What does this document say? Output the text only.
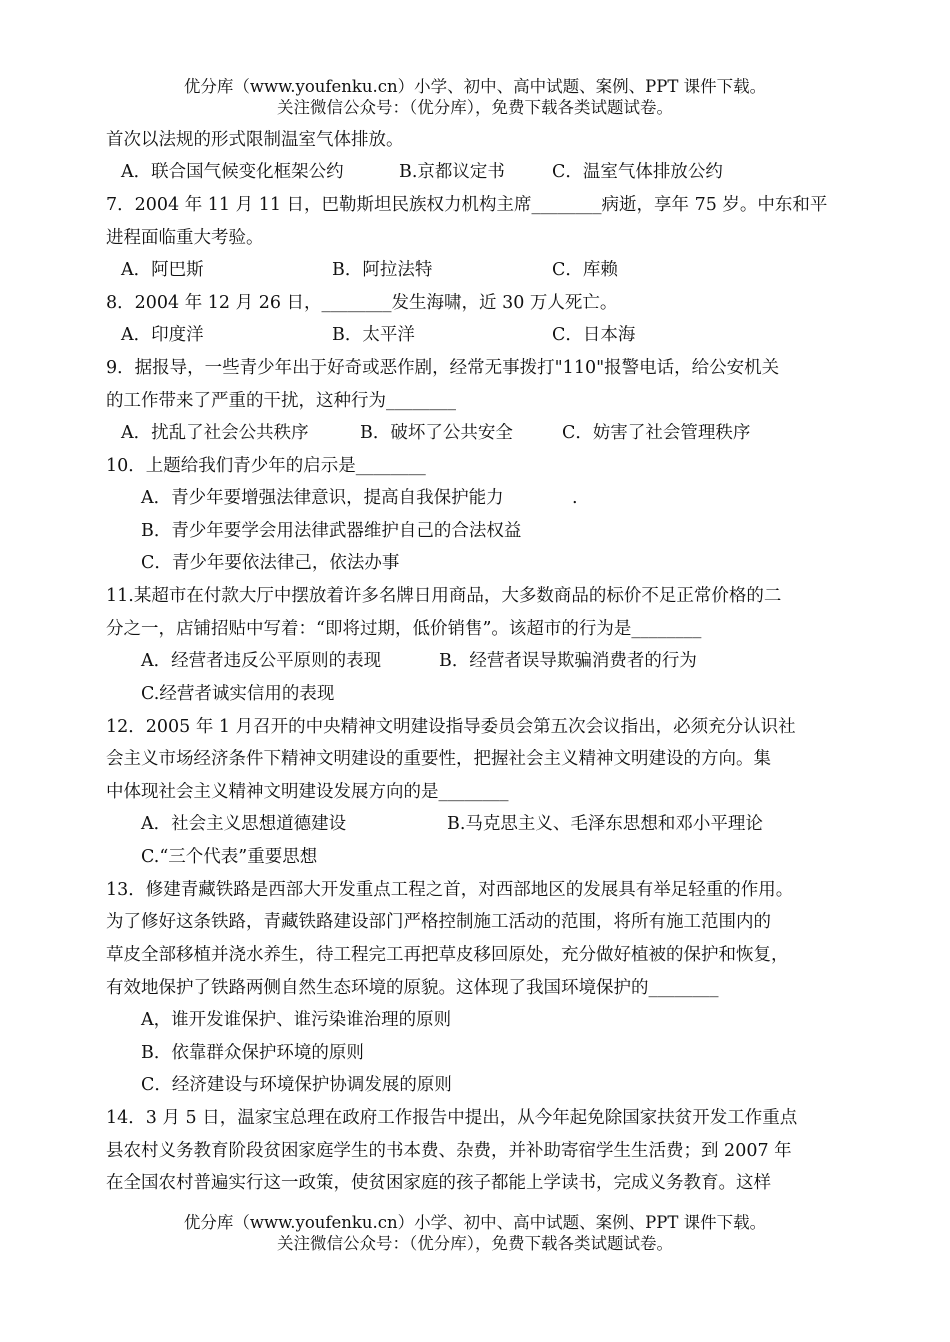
优分库（www.youfenku.cn）小学、初中、高中试题、案例、PPT 课件下载。
关注微信公众号：（优分库），免费下载各类试题试卷。
首次以法规的形式限制温室气体排放。
A．联合国气候变化框架公约	B.京都议定书	C．温室气体排放公约
7．2004 年 11 月 11 日，巴勒斯坦民族权力机构主席________病逝，享年 75 岁。中东和平
进程面临重大考验。
A．阿巴斯	B．阿拉法特	C．库赖
8．2004 年 12 月 26 日，________发生海啸，近 30 万人死亡。
A．印度洋	B．太平洋	C．日本海
9．据报导，一些青少年出于好奇或恶作剧，经常无事拨打"110"报警电话，给公安机关
的工作带来了严重的干扰，这种行为________
A．扰乱了社会公共秩序	B．破坏了公共安全	C．妨害了社会管理秩序
10．上题给我们青少年的启示是________
A．青少年要增强法律意识，提高自我保护能力	.
B．青少年要学会用法律武器维护自己的合法权益
C．青少年要依法律己，依法办事
11.某超市在付款大厅中摆放着许多名牌日用商品，大多数商品的标价不足正常价格的二
分之一，店铺招贴中写着：“即将过期，低价销售”。该超市的行为是________
A．经营者违反公平原则的表现	B．经营者误导欺骗消费者的行为
C.经营者诚实信用的表现
12．2005 年 1 月召开的中央精神文明建设指导委员会第五次会议指出，必须充分认识社
会主义市场经济条件下精神文明建设的重要性，把握社会主义精神文明建设的方向。集
中体现社会主义精神文明建设发展方向的是________
A．社会主义思想道德建设	B.马克思主义、毛泽东思想和邓小平理论
C.“三个代表”重要思想
13．修建青藏铁路是西部大开发重点工程之首，对西部地区的发展具有举足轻重的作用。
为了修好这条铁路，青藏铁路建设部门严格控制施工活动的范围，将所有施工范围内的
草皮全部移植并浇水养生，待工程完工再把草皮移回原处，充分做好植被的保护和恢复，
有效地保护了铁路两侧自然生态环境的原貌。这体现了我国环境保护的________
A，谁开发谁保护、谁污染谁治理的原则
B．依靠群众保护环境的原则
C．经济建设与环境保护协调发展的原则
14．3 月 5 日，温家宝总理在政府工作报告中提出，从今年起免除国家扶贫开发工作重点
县农村义务教育阶段贫困家庭学生的书本费、杂费，并补助寄宿学生生活费；到 2007 年
在全国农村普遍实行这一政策，使贫困家庭的孩子都能上学读书，完成义务教育。这样
优分库（www.youfenku.cn）小学、初中、高中试题、案例、PPT 课件下载。
关注微信公众号：（优分库），免费下载各类试题试卷。
